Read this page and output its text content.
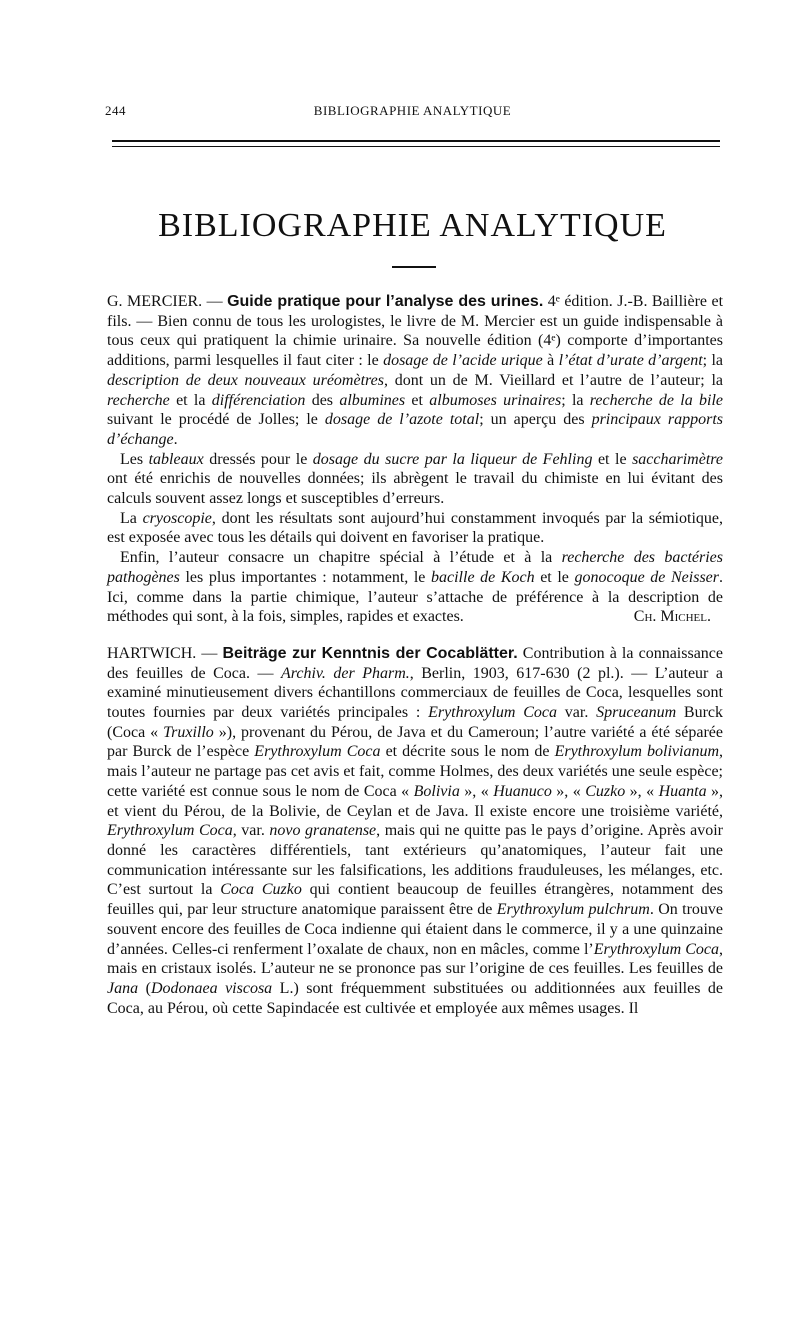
244	BIBLIOGRAPHIE ANALYTIQUE
BIBLIOGRAPHIE ANALYTIQUE

G. MERCIER. — Guide pratique pour l’analyse des urines. 4ᵉ édition. J.-B. Baillière et fils. — Bien connu de tous les urologistes, le livre de M. Mercier est un guide indispensable à tous ceux qui pratiquent la chimie urinaire. Sa nouvelle édition (4ᵉ) comporte d’importantes additions, parmi lesquelles il faut citer : le dosage de l’acide urique à l’état d’urate d’argent; la description de deux nouveaux uréomètres, dont un de M. Vieillard et l’autre de l’auteur; la recherche et la différenciation des albumines et albumoses urinaires; la recherche de la bile suivant le procédé de Jolles; le dosage de l’azote total; un aperçu des principaux rapports d’échange.

Les tableaux dressés pour le dosage du sucre par la liqueur de Fehling et le saccharimètre ont été enrichis de nouvelles données; ils abrègent le travail du chimiste en lui évitant des calculs souvent assez longs et susceptibles d’erreurs.

La cryoscopie, dont les résultats sont aujourd’hui constamment invoqués par la sémiotique, est exposée avec tous les détails qui doivent en favoriser la pratique.

Enfin, l’auteur consacre un chapitre spécial à l’étude et à la recherche des bactéries pathogènes les plus importantes : notamment, le bacille de Koch et le gonocoque de Neisser. Ici, comme dans la partie chimique, l’auteur s’attache de préférence à la description de méthodes qui sont, à la fois, simples, rapides et exactes.	Ch. Michel.

HARTWICH. — Beiträge zur Kenntnis der Cocablätter. Contribution à la connaissance des feuilles de Coca. — Archiv. der Pharm., Berlin, 1903, 617-630 (2 pl.). — L’auteur a examiné minutieusement divers échantillons commerciaux de feuilles de Coca, lesquelles sont toutes fournies par deux variétés principales : Erythroxylum Coca var. Spruceanum Burck (Coca « Truxillo »), provenant du Pérou, de Java et du Cameroun; l’autre variété a été séparée par Burck de l’espèce Erythroxylum Coca et décrite sous le nom de Erythroxylum bolivianum, mais l’auteur ne partage pas cet avis et fait, comme Holmes, des deux variétés une seule espèce; cette variété est connue sous le nom de Coca « Bolivia », « Huanuco », « Cuzko », « Huanta », et vient du Pérou, de la Bolivie, de Ceylan et de Java. Il existe encore une troisième variété, Erythroxylum Coca, var. novo granatense, mais qui ne quitte pas le pays d’origine. Après avoir donné les caractères différentiels, tant extérieurs qu’anatomiques, l’auteur fait une communication intéressante sur les falsifications, les additions frauduleuses, les mélanges, etc. C’est surtout la Coca Cuzko qui contient beaucoup de feuilles étrangères, notamment des feuilles qui, par leur structure anatomique paraissent être de Erythroxylum pulchrum. On trouve souvent encore des feuilles de Coca indienne qui étaient dans le commerce, il y a une quinzaine d’années. Celles-ci renferment l’oxalate de chaux, non en mâcles, comme l’Erythroxylum Coca, mais en cristaux isolés. L’auteur ne se prononce pas sur l’origine de ces feuilles. Les feuilles de Jana (Dodonaea viscosa L.) sont fréquemment substituées ou additionnées aux feuilles de Coca, au Pérou, où cette Sapindacée est cultivée et employée aux mêmes usages. Il
